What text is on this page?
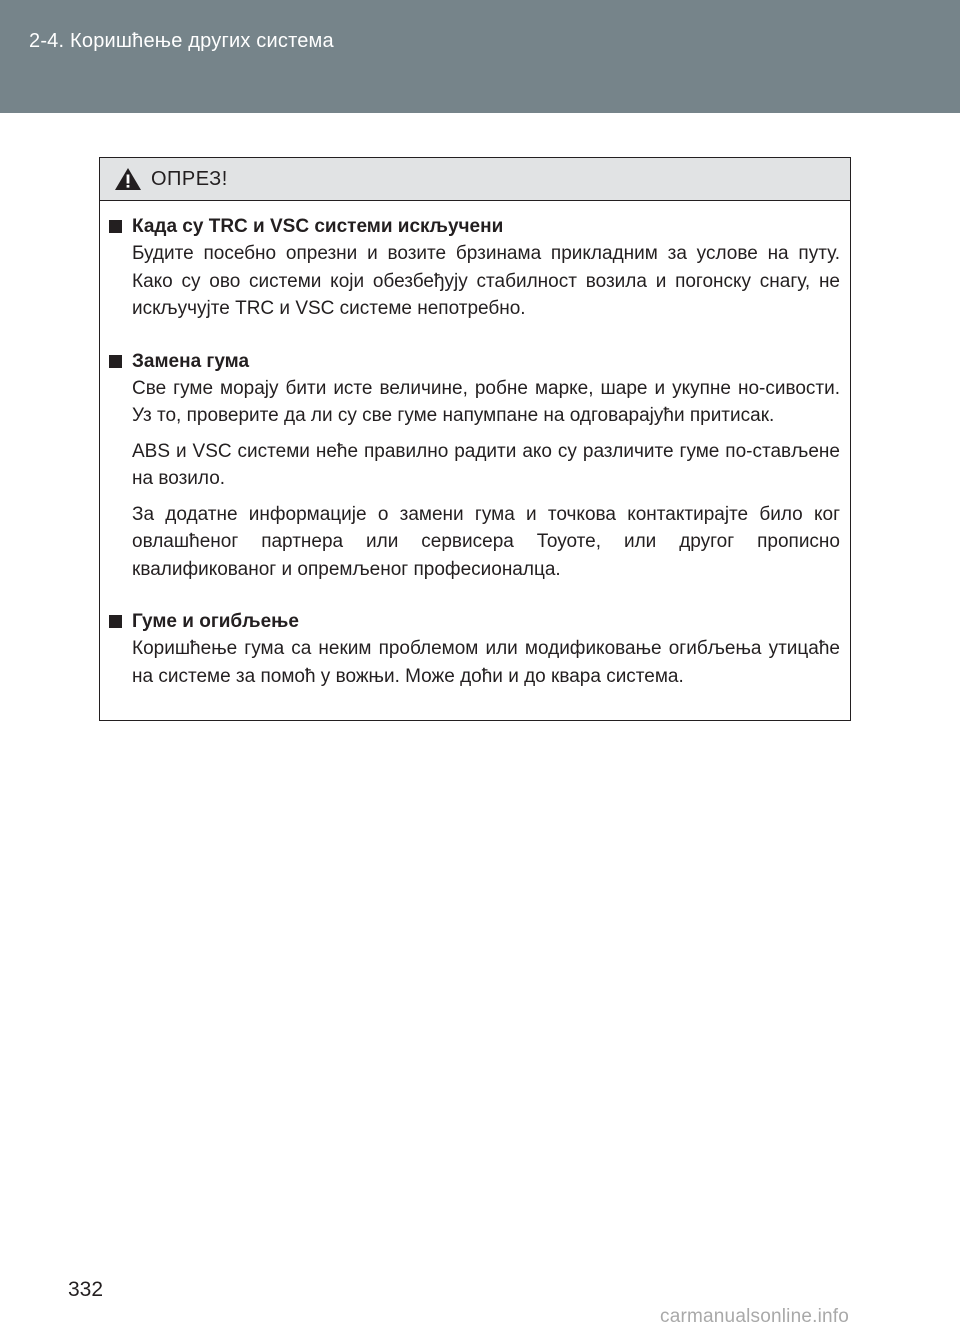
2-4. Коришћење других система
ОПРЕЗ!
Када су TRC и VSC системи искључени

Будите посебно опрезни и возите брзинама прикладним за услове на путу. Како су ово системи који обезбеђују стабилност возила и погонску снагу, не искључујте TRC и VSC системе непотребно.

Замена гума

Све гуме морају бити исте величине, робне марке, шаре и укупне но-сивости. Уз то, проверите да ли су све гуме напумпане на одговарајући притисак.

ABS и VSC системи неће правилно радити ако су различите гуме по-стављене на возило.

За додатне информације о замени гума и точкова контактирајте било ког овлашћеног партнера или сервисера Тоуоте, или другог прописно квалификованог и опремљеног професионалца.

Гуме и огибљење

Коришћење гума са неким проблемом или модификовање огибљења утицаће на системе за помоћ у вожњи. Може доћи и до квара система.

332
carmanualsonline.info
